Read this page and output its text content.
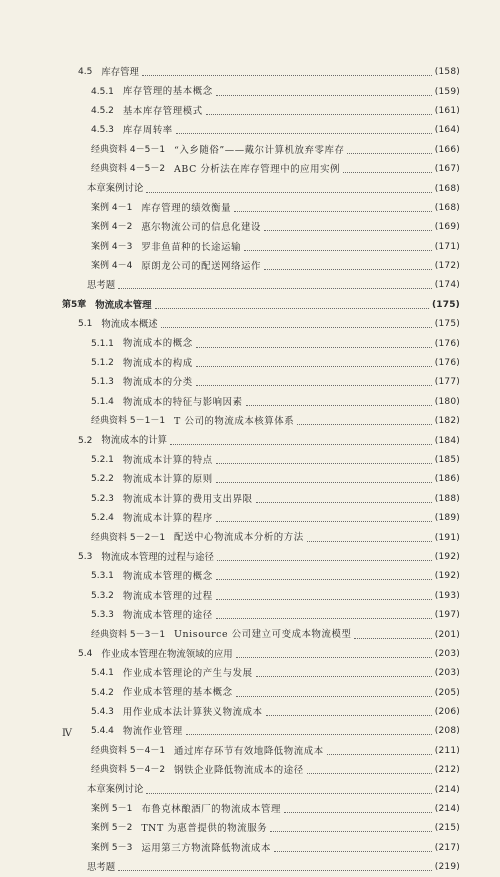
4.5 库存管理	(158)
4.5.1 库存管理的基本概念	(159)
4.5.2 基本库存管理模式	(161)
4.5.3 库存周转率	(164)
经典资料 4－5－1 “入乡随俗”——戴尔计算机放弃零库存	(166)
经典资料 4－5－2 ABC 分析法在库存管理中的应用实例	(167)
本章案例讨论	(168)
案例 4－1 库存管理的绩效衡量	(168)
案例 4－2 惠尔物流公司的信息化建设	(169)
案例 4－3 罗非鱼苗种的长途运输	(171)
案例 4－4 原朗龙公司的配送网络运作	(172)
思考题	(174)
第5章 物流成本管理	(175)
5.1 物流成本概述	(175)
5.1.1 物流成本的概念	(176)
5.1.2 物流成本的构成	(176)
5.1.3 物流成本的分类	(177)
5.1.4 物流成本的特征与影响因素	(180)
经典资料 5－1－1 T 公司的物流成本核算体系	(182)
5.2 物流成本的计算	(184)
5.2.1 物流成本计算的特点	(185)
5.2.2 物流成本计算的原则	(186)
5.2.3 物流成本计算的费用支出界限	(188)
5.2.4 物流成本计算的程序	(189)
经典资料 5－2－1 配送中心物流成本分析的方法	(191)
5.3 物流成本管理的过程与途径	(192)
5.3.1 物流成本管理的概念	(192)
5.3.2 物流成本管理的过程	(193)
5.3.3 物流成本管理的途径	(197)
经典资料 5－3－1 Unisource 公司建立可变成本物流模型	(201)
5.4 作业成本管理在物流领域的应用	(203)
5.4.1 作业成本管理论的产生与发展	(203)
5.4.2 作业成本管理的基本概念	(205)
5.4.3 用作业成本法计算狭义物流成本	(206)
5.4.4 物流作业管理	(208)
经典资料 5－4－1 通过库存环节有效地降低物流成本	(211)
经典资料 5－4－2 钢铁企业降低物流成本的途径	(212)
本章案例讨论	(214)
案例 5－1 布鲁克林酿酒厂的物流成本管理	(214)
案例 5－2 TNT 为惠普提供的物流服务	(215)
案例 5－3 运用第三方物流降低物流成本	(217)
思考题	(219)
Ⅳ
